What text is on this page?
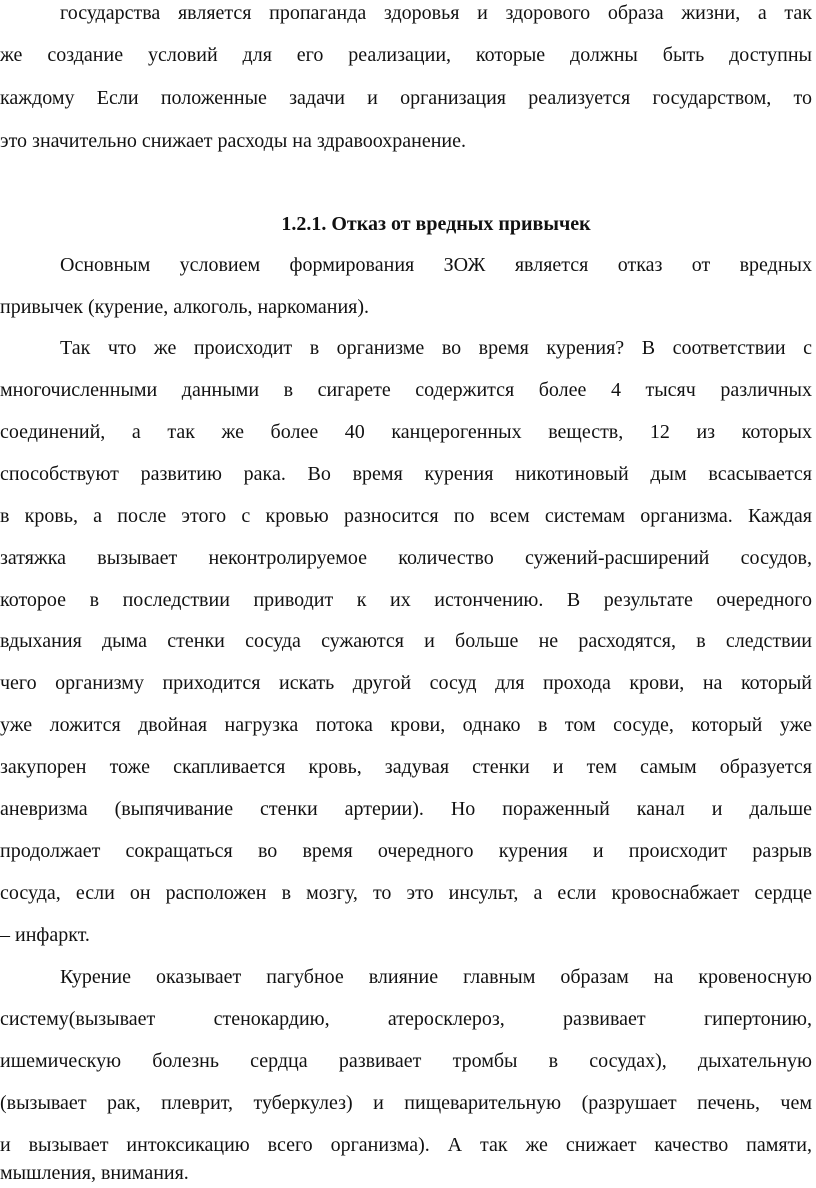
государства является пропаганда здоровья и здорового образа жизни, а так
же создание условий для его реализации, которые должны быть доступны
каждому Если положенные задачи и организация реализуется государством, то
это значительно снижает расходы на здравоохранение.
1.2.1. Отказ от вредных привычек
Основным условием формирования ЗОЖ является отказ от вредных
привычек (курение, алкоголь, наркомания).
Так что же происходит в организме во время курения? В соответствии с
многочисленными данными в сигарете содержится более 4 тысяч различных
соединений, а так же более 40 канцерогенных веществ, 12 из которых
способствуют развитию рака. Во время курения никотиновый дым всасывается
в кровь, а после этого с кровью разносится по всем системам организма. Каждая
затяжка вызывает неконтролируемое количество сужений-расширений сосудов,
которое в последствии приводит к их истончению. В результате очередного
вдыхания дыма стенки сосуда сужаются и больше не расходятся, в следствии
чего организму приходится искать другой сосуд для прохода крови, на который
уже ложится двойная нагрузка потока крови, однако в том сосуде, который уже
закупорен тоже скапливается кровь, задувая стенки и тем самым образуется
аневризма (выпячивание стенки артерии). Но пораженный канал и дальше
продолжает сокращаться во время очередного курения и происходит разрыв
сосуда, если он расположен в мозгу, то это инсульт, а если кровоснабжает сердце
– инфаркт.
Курение оказывает пагубное влияние главным образам на кровеносную
систему(вызывает стенокардию, атеросклероз, развивает гипертонию,
ишемическую болезнь сердца развивает тромбы в сосудах), дыхательную
(вызывает рак, плеврит, туберкулез) и пищеварительную (разрушает печень, чем
и вызывает интоксикацию всего организма). А так же снижает качество памяти,
мышления, внимания.
